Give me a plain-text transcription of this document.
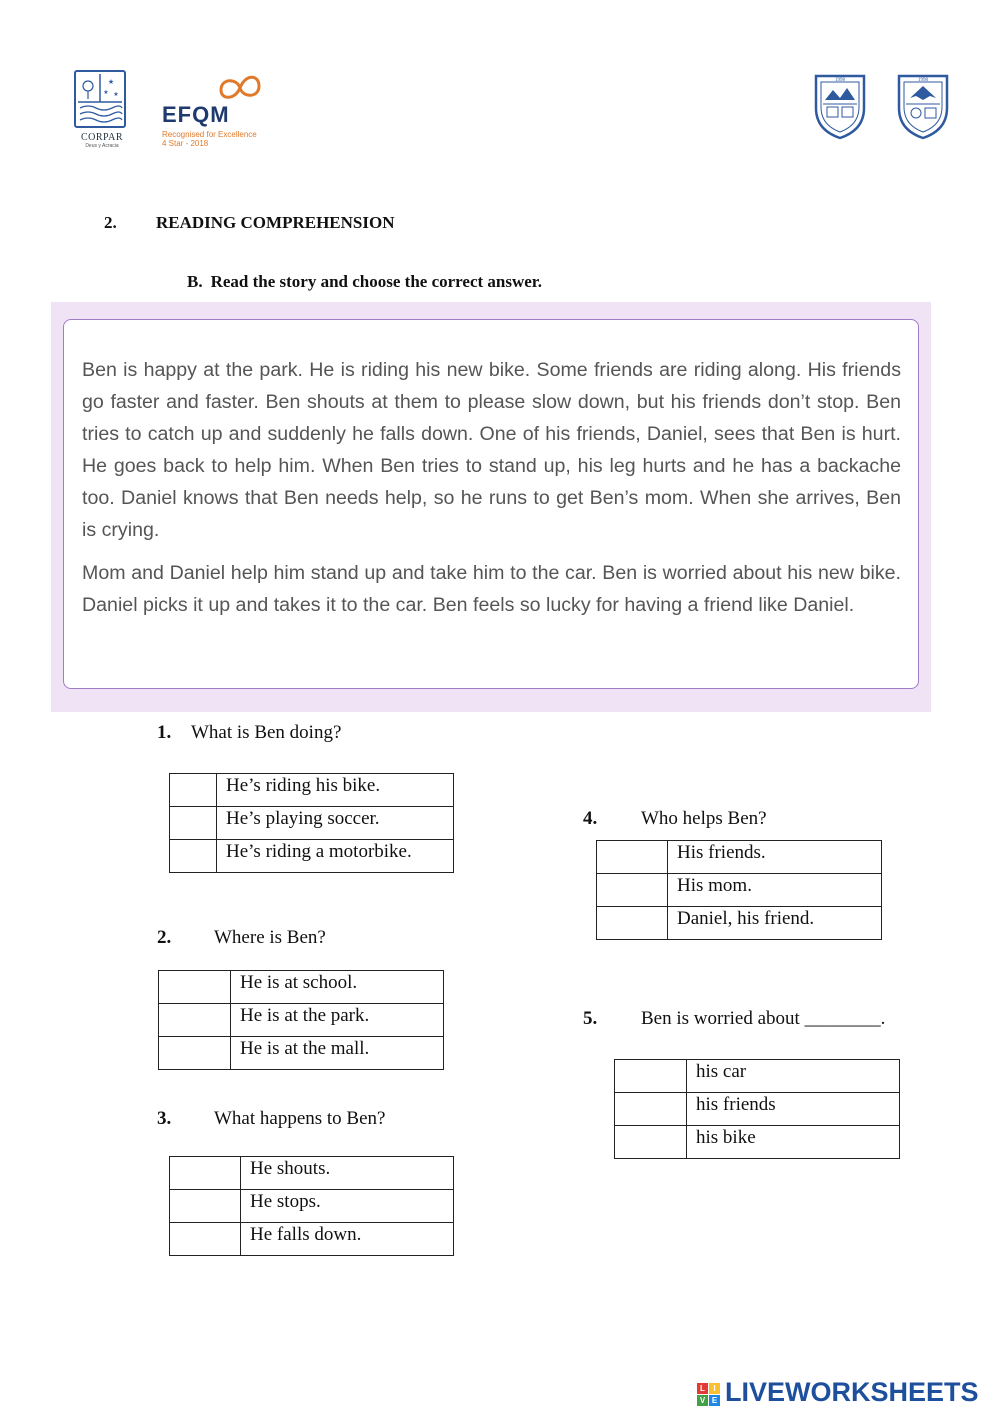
★
★ ★
CORPAR
Deus y Acracia
EFQM
Recognised for Excellence
4 Star - 2018
1998	1998
2. READING COMPREHENSION
B. Read the story and choose the correct answer.

Ben is happy at the park. He is riding his new bike. Some friends are riding along. His friends go faster and faster. Ben shouts at them to please slow down, but his friends don’t stop. Ben tries to catch up and suddenly he falls down. One of his friends, Daniel, sees that Ben is hurt. He goes back to help him. When Ben tries to stand up, his leg hurts and he has a backache too. Daniel knows that Ben needs help, so he runs to get Ben’s mom. When she arrives, Ben is crying.

Mom and Daniel help him stand up and take him to the car. Ben is worried about his new bike. Daniel picks it up and takes it to the car. Ben feels so lucky for having a friend like Daniel.

1. What is Ben doing?
	He’s riding his bike.
	He’s playing soccer.
	He’s riding a motorbike.
2. Where is Ben?
	He is at school.
	He is at the park.
	He is at the mall.
3. What happens to Ben?
	He shouts.
	He stops.
	He falls down.
4. Who helps Ben?
	His friends.
	His mom.
	Daniel, his friend.
5. Ben is worried about ________.
	his car
	his friends
	his bike
L	I
V E LIVEWORKSHEETS
